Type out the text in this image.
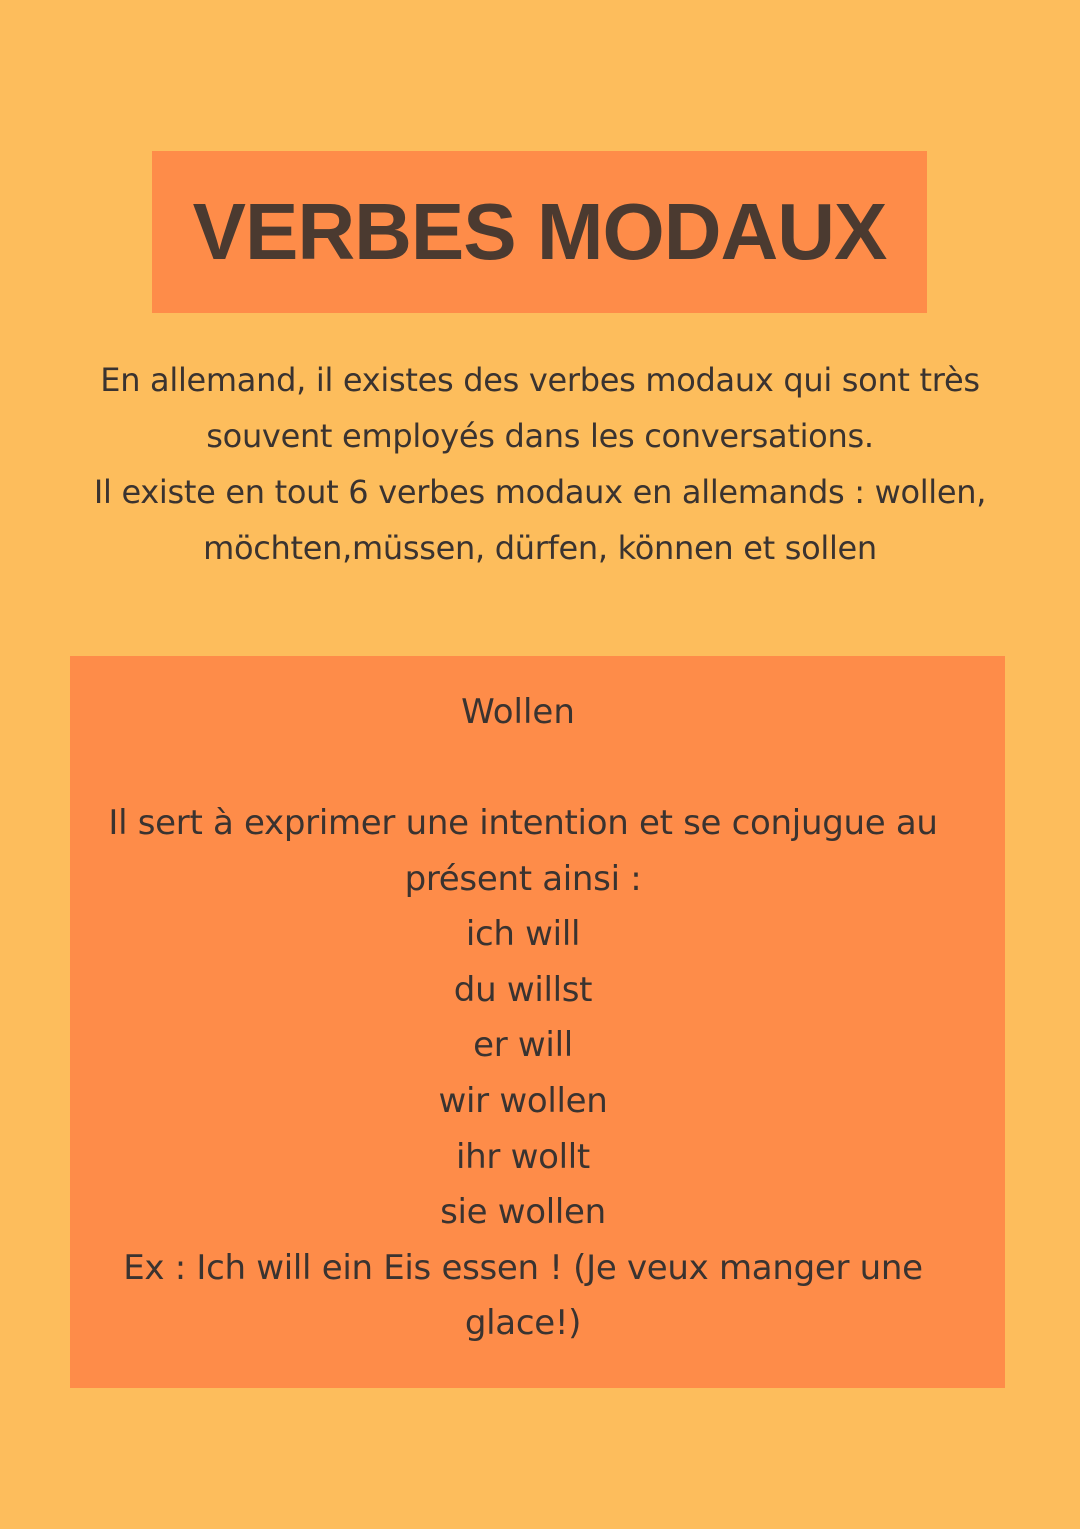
VERBES MODAUX

En allemand, il existes des verbes modaux qui sont très

souvent employés dans les conversations.

Il existe en tout 6 verbes modaux en allemands : wollen,

möchten,müssen, dürfen, können et sollen

Wollen

Il sert à exprimer une intention et se conjugue au

présent ainsi :

ich will
du willst
er will
wir wollen
ihr wollt
sie wollen

Ex : Ich will ein Eis essen ! (Je veux manger une

glace!)
